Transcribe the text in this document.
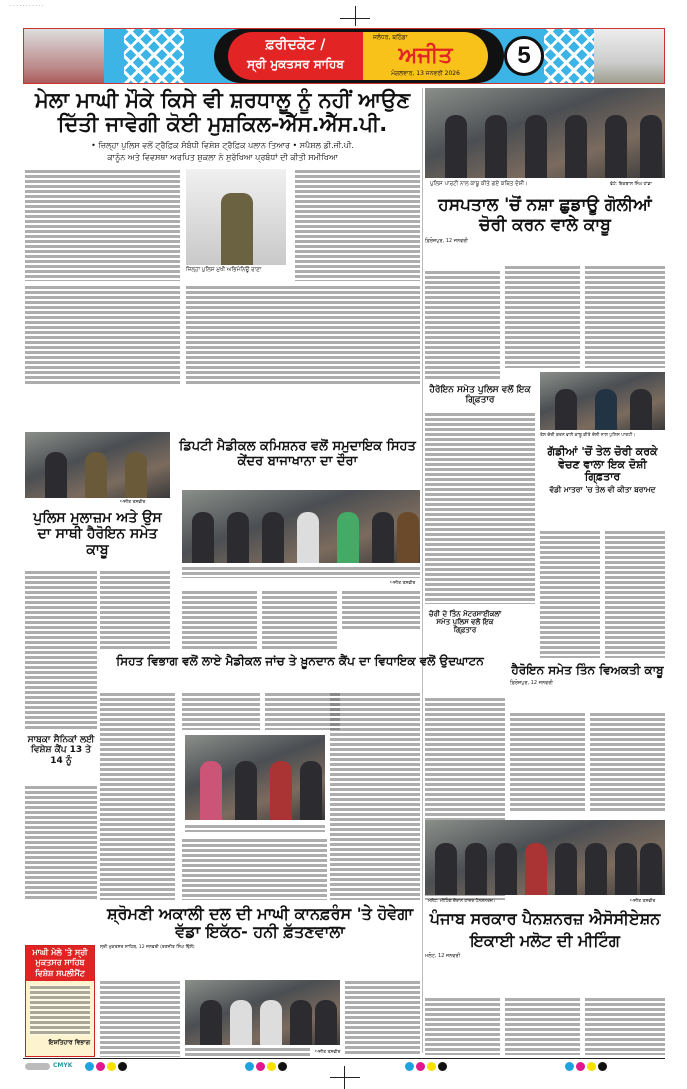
· · · · · · · · · · ·
ਫ਼ਰੀਦਕੋਟ /
ਸ੍ਰੀ ਮੁਕਤਸਰ ਸਾਹਿਬ
ਜਲੰਧਰ, ਬਠਿੰਡਾ
ਅਜੀਤ
ਮੰਗਲਵਾਰ, 13 ਜਨਵਰੀ 2026
5
ਮੇਲਾ ਮਾਘੀ ਮੌਕੇ ਕਿਸੇ ਵੀ ਸ਼ਰਧਾਲੂ ਨੂੰ ਨਹੀਂ ਆਉਣ ਦਿੱਤੀ ਜਾਵੇਗੀ ਕੋਈ ਮੁਸ਼ਕਿਲ-ਐੱਸ.ਐੱਸ.ਪੀ.
• ਜ਼ਿਲ੍ਹਾ ਪੁਲਿਸ ਵਲੋਂ ਟ੍ਰੈਫ਼ਿਕ ਸੰਬੰਧੀ ਵਿਸ਼ੇਸ਼ ਟ੍ਰੈਫ਼ਿਕ ਪਲਾਨ ਤਿਆਰ • ਸਪੈਸ਼ਲ ਡੀ.ਜੀ.ਪੀ.
ਕਾਨੂੰਨ ਅਤੇ ਵਿਵਸਥਾ ਅਰਪਿਤ ਸ਼ੁਕਲਾ ਨੇ ਸੁਰੱਖਿਆ ਪ੍ਰਬੰਧਾਂ ਦੀ ਕੀਤੀ ਸਮੀਖਿਆ
ਜ਼ਿਲ੍ਹਾ ਪੁਲਿਸ ਮੁਖੀ ਅਭਿਮੰਨਿਊ ਰਾਣਾ
ਪੁਲਿਸ ਪਾਰਟੀ ਨਾਲ ਕਾਬੂ ਕੀਤੇ ਗਏ ਕਥਿਤ ਦੋਸ਼ੀ।	ਫੋਟੋ: ਇਕਬਾਲ ਸਿੰਘ ਹਾਂਡਾ
ਹਸਪਤਾਲ 'ਚੋਂ ਨਸ਼ਾ ਛੁਡਾਊ ਗੋਲੀਆਂ ਚੋਰੀ ਕਰਨ ਵਾਲੇ ਕਾਬੂ
ਫ਼ਿਰੋਜ਼ਪੁਰ, 12 ਜਨਵਰੀ
ਹੈਰੋਇਨ ਸਮੇਤ ਪੁਲਿਸ ਵਲੋਂ ਇਕ ਗਿ੍ਫ਼ਤਾਰ
ਤੇਲ ਚੋਰੀ ਕਰਨ ਵਾਲੇ ਕਾਬੂ ਕੀਤੇ ਦੋਸ਼ੀ ਨਾਲ ਪੁਲਿਸ ਪਾਰਟੀ।
ਗੱਡੀਆਂ 'ਚੋਂ ਤੇਲ ਚੋਰੀ ਕਰਕੇ ਵੇਚਣ ਵਾਲਾ ਇਕ ਦੋਸ਼ੀ ਗਿ੍ਫ਼ਤਾਰ
ਵੱਡੀ ਮਾਤਰਾ 'ਚ ਤੇਲ ਵੀ ਕੀਤਾ ਬਰਾਮਦ
ਅਜੀਤ ਤਸਵੀਰ
ਪੁਲਿਸ ਮੁਲਾਜ਼ਮ ਅਤੇ ਉਸ ਦਾ ਸਾਥੀ ਹੈਰੋਇਨ ਸਮੇਤ ਕਾਬੂ
ਡਿਪਟੀ ਮੈਡੀਕਲ ਕਮਿਸ਼ਨਰ ਵਲੋਂ ਸਮੁਦਾਇਕ ਸਿਹਤ ਕੇਂਦਰ ਬਾਜਾਖਾਨਾ ਦਾ ਦੌਰਾ
ਅਜੀਤ ਤਸਵੀਰ
ਚੋਰੀ ਦੇ ਤਿੰਨ ਮੋਟਰਸਾਈਕਲਾਂ ਸਮੇਤ ਪੁਲਿਸ ਵਲੋਂ ਇਕ ਗਿ੍ਫ਼ਤਾਰ
ਸਿਹਤ ਵਿਭਾਗ ਵਲੋਂ ਲਾਏ ਮੈਡੀਕਲ ਜਾਂਚ ਤੇ ਖ਼ੂਨਦਾਨ ਕੈਂਪ ਦਾ ਵਿਧਾਇਕ ਵਲੋਂ ਉਦਘਾਟਨ
ਸਾਬਕਾ ਸੈਨਿਕਾਂ ਲਈ ਵਿਸ਼ੇਸ਼ ਕੈਂਪ 13 ਤੇ 14 ਨੂੰ
ਹੈਰੋਇਨ ਸਮੇਤ ਤਿੰਨ ਵਿਅਕਤੀ ਕਾਬੂ
ਫ਼ਿਰੋਜ਼ਪੁਰ, 12 ਜਨਵਰੀ
ਮਲੋਟ: ਮੀਟਿੰਗ ਦੌਰਾਨ ਹਾਜ਼ਰ ਪੈਨਸ਼ਨਰਜ਼।	ਅਜੀਤ ਤਸਵੀਰ
ਪੰਜਾਬ ਸਰਕਾਰ ਪੈਨਸ਼ਨਰਜ਼ ਐਸੋਸੀਏਸ਼ਨ ਇਕਾਈ ਮਲੋਟ ਦੀ ਮੀਟਿੰਗ
ਮਲੋਟ, 12 ਜਨਵਰੀ
ਸ਼੍ਰੋਮਣੀ ਅਕਾਲੀ ਦਲ ਦੀ ਮਾਘੀ ਕਾਨਫ਼ਰੰਸ 'ਤੇ ਹੋਵੇਗਾ ਵੱਡਾ ਇਕੱਠ- ਹਨੀ ਫ਼ੱਤਣਵਾਲਾ
ਸ੍ਰੀ ਮੁਕਤਸਰ ਸਾਹਿਬ, 12 ਜਨਵਰੀ (ਰਣਜੀਤ ਸਿੰਘ ਢਿੱਲੋਂ)
ਅਜੀਤ ਤਸਵੀਰ
ਮਾਘੀ ਮੇਲੇ 'ਤੇ ਸ੍ਰੀ ਮੁਕਤਸਰ ਸਾਹਿਬ ਵਿਸ਼ੇਸ਼ ਸਪਲੀਮੈਂਟ
ਇਸ਼ਤਿਹਾਰ ਵਿਭਾਗ
CMYK
